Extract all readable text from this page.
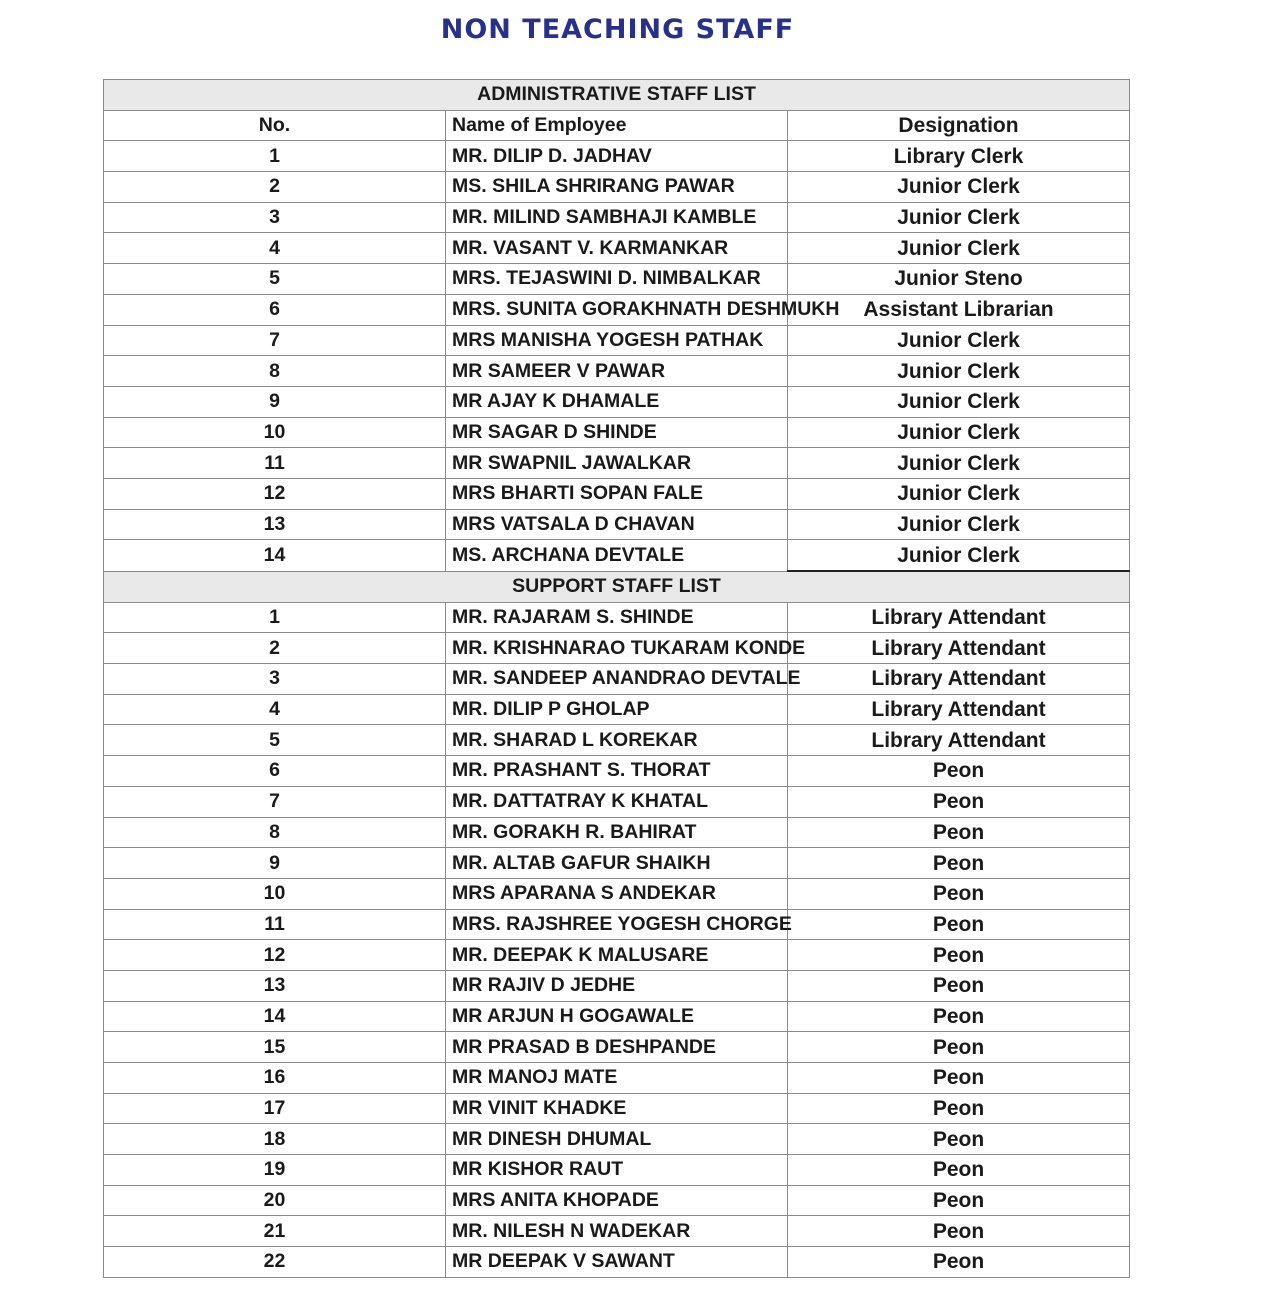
NON TEACHING STAFF
ADMINISTRATIVE STAFF LIST		
No.	Name of Employee	Designation
1	MR. DILIP D. JADHAV	Library Clerk
2	MS. SHILA SHRIRANG PAWAR	Junior Clerk
3	MR. MILIND SAMBHAJI KAMBLE	Junior Clerk
4	MR. VASANT V. KARMANKAR	Junior Clerk
5	MRS. TEJASWINI D. NIMBALKAR	Junior Steno
6	MRS. SUNITA GORAKHNATH DESHMUKH	Assistant Librarian
7	MRS MANISHA YOGESH PATHAK	Junior Clerk
8	MR SAMEER V PAWAR	Junior Clerk
9	MR AJAY K DHAMALE	Junior Clerk
10	MR SAGAR D SHINDE	Junior Clerk
11	MR SWAPNIL JAWALKAR	Junior Clerk
12	MRS BHARTI SOPAN FALE	Junior Clerk
13	MRS VATSALA D CHAVAN	Junior Clerk
14	MS. ARCHANA DEVTALE	Junior Clerk
SUPPORT STAFF LIST		
1	MR. RAJARAM S. SHINDE	Library Attendant
2	MR. KRISHNARAO TUKARAM KONDE	Library Attendant
3	MR. SANDEEP ANANDRAO DEVTALE	Library Attendant
4	MR. DILIP P GHOLAP	Library Attendant
5	MR. SHARAD L KOREKAR	Library Attendant
6	MR. PRASHANT S. THORAT	Peon
7	MR. DATTATRAY K KHATAL	Peon
8	MR. GORAKH R. BAHIRAT	Peon
9	MR. ALTAB GAFUR SHAIKH	Peon
10	MRS APARANA S ANDEKAR	Peon
11	MRS. RAJSHREE YOGESH CHORGE	Peon
12	MR. DEEPAK K MALUSARE	Peon
13	MR RAJIV D JEDHE	Peon
14	MR ARJUN H GOGAWALE	Peon
15	MR PRASAD B DESHPANDE	Peon
16	MR MANOJ MATE	Peon
17	MR VINIT KHADKE	Peon
18	MR DINESH DHUMAL	Peon
19	MR KISHOR RAUT	Peon
20	MRS ANITA KHOPADE	Peon
21	MR. NILESH N WADEKAR	Peon
22	MR DEEPAK V SAWANT	Peon
